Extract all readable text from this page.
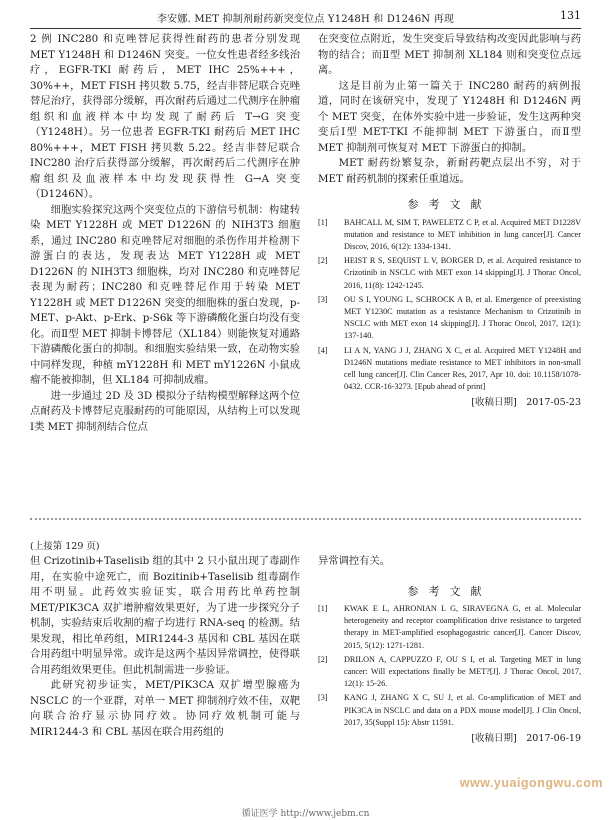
李安娜. MET 抑制剂耐药新突变位点 Y1248H 和 D1246N 再现	131

2 例 INC280 和克唑替尼获得性耐药的患者分别发现 MET Y1248H 和 D1246N 突变。一位女性患者经多线治疗，EGFR-TKI 耐药后，MET IHC 25%+++，30%++，MET FISH 拷贝数 5.75，经吉非替尼联合克唑替尼治疗，获得部分缓解，再次耐药后通过二代测序在肿瘤组织和血液样本中均发现了耐药后 T→G 突变（Y1248H）。另一位患者 EGFR-TKI 耐药后 MET IHC 80%+++，MET FISH 拷贝数 5.22。经吉非替尼联合 INC280 治疗后获得部分缓解，再次耐药后二代测序在肿瘤组织及血液样本中均发现获得性 G→A 突变（D1246N）。

细胞实验探究这两个突变位点的下游信号机制：构建转染 MET Y1228H 或 MET D1226N 的 NIH3T3 细胞系，通过 INC280 和克唑替尼对细胞的杀伤作用并检测下游蛋白的表达，发现表达 MET Y1228H 或 MET D1226N 的 NIH3T3 细胞株，均对 INC280 和克唑替尼表现为耐药；INC280 和克唑替尼作用于转染 MET Y1228H 或 MET D1226N 突变的细胞株的蛋白发现，p-MET、p-Akt、p-Erk、p-S6k 等下游磷酸化蛋白均没有变化。而Ⅱ型 MET 抑制卡博替尼（XL184）则能恢复对通路下游磷酸化蛋白的抑制。和细胞实验结果一致，在动物实验中同样发现，种植 mY1228H 和 MET mY1226N 小鼠成瘤不能被抑制，但 XL184 可抑制成瘤。

进一步通过 2D 及 3D 模拟分子结构模型解释这两个位点耐药及卡博替尼克服耐药的可能原因，从结构上可以发现Ⅰ类 MET 抑制剂结合位点

在突变位点附近，发生突变后导致结构改变因此影响与药物的结合；而Ⅱ型 MET 抑制剂 XL184 则和突变位点远离。

这是目前为止第一篇关于 INC280 耐药的病例报道，同时在该研究中，发现了 Y1248H 和 D1246N 两个 MET 突变，在体外实验中进一步验证，发生这两种突变后Ⅰ型 MET-TKI 不能抑制 MET 下游蛋白，而Ⅱ型 MET 抑制剂可恢复对 MET 下游蛋白的抑制。

MET 耐药纷繁复杂，新耐药靶点层出不穷，对于 MET 耐药机制的探索任重道远。

参考文献
[1]	BAHCALL M, SIM T, PAWELETZ C P, et al. Acquired MET D1228V mutation and resistance to MET inhibition in lung cancer[J]. Cancer Discov, 2016, 6(12): 1334-1341.
[2]	HEIST R S, SEQUIST L V, BORGER D, et al. Acquired resistance to Crizotinib in NSCLC with MET exon 14 skipping[J]. J Thorac Oncol, 2016, 11(8): 1242-1245.
[3]	OU S I, YOUNG L, SCHROCK A B, et al. Emergence of preexisting MET Y1230C mutation as a resistance Mechanism to Crizotinib in NSCLC with MET exon 14 skipping[J]. J Thorac Oncol, 2017, 12(1): 137-140.
[4]	LI A N, YANG J J, ZHANG X C, et al. Acquired MET Y1248H and D1246N mutations mediate resistance to MET inhibitors in non-small cell lung cancer[J]. Clin Cancer Res, 2017, Apr 10. doi: 10.1158/1078-0432. CCR-16-3273. [Epub ahead of print]
[收稿日期]　2017-05-23
(上接第 129 页)

但 Crizotinib+Taselisib 组的其中 2 只小鼠出现了毒副作用，在实验中途死亡，而 Bozitinib+Taselisib 组毒副作用不明显。此药效实验证实，联合用药比单药控制 MET/PIK3CA 双扩增肿瘤效果更好，为了进一步探究分子机制，实验结束后收割的瘤子均进行 RNA-seq 的检测。结果发现，相比单药组，MIR1244-3 基因和 CBL 基因在联合用药组中明显异常。或许是这两个基因异常调控，使得联合用药组效果更佳。但此机制需进一步验证。

此研究初步证实，MET/PIK3CA 双扩增型腺癌为 NSCLC 的一个亚群，对单一 MET 抑制剂疗效不佳，双靶向联合治疗显示协同疗效。协同疗效机制可能与 MIR1244-3 和 CBL 基因在联合用药组的

异常调控有关。

参考文献
[1]	KWAK E L, AHRONIAN L G, SIRAVEGNA G, et al. Molecular heterogeneity and receptor coamplification drive resistance to targeted therapy in MET-amplified esophagogastric cancer[J]. Cancer Discov, 2015, 5(12): 1271-1281.
[2]	DRILON A, CAPPUZZO F, OU S I, et al. Targeting MET in lung cancer: Will expectations finally be MET?[J]. J Thorac Oncol, 2017, 12(1): 15-26.
[3]	KANG J, ZHANG X C, SU J, et al. Co-amplification of MET and PIK3CA in NSCLC and data on a PDX mouse model[J]. J Clin Oncol, 2017, 35(Suppl 15): Abstr 11591.
[收稿日期]　2017-06-19
www.yuaigongwu.com
循证医学 http://www.jebm.cn
